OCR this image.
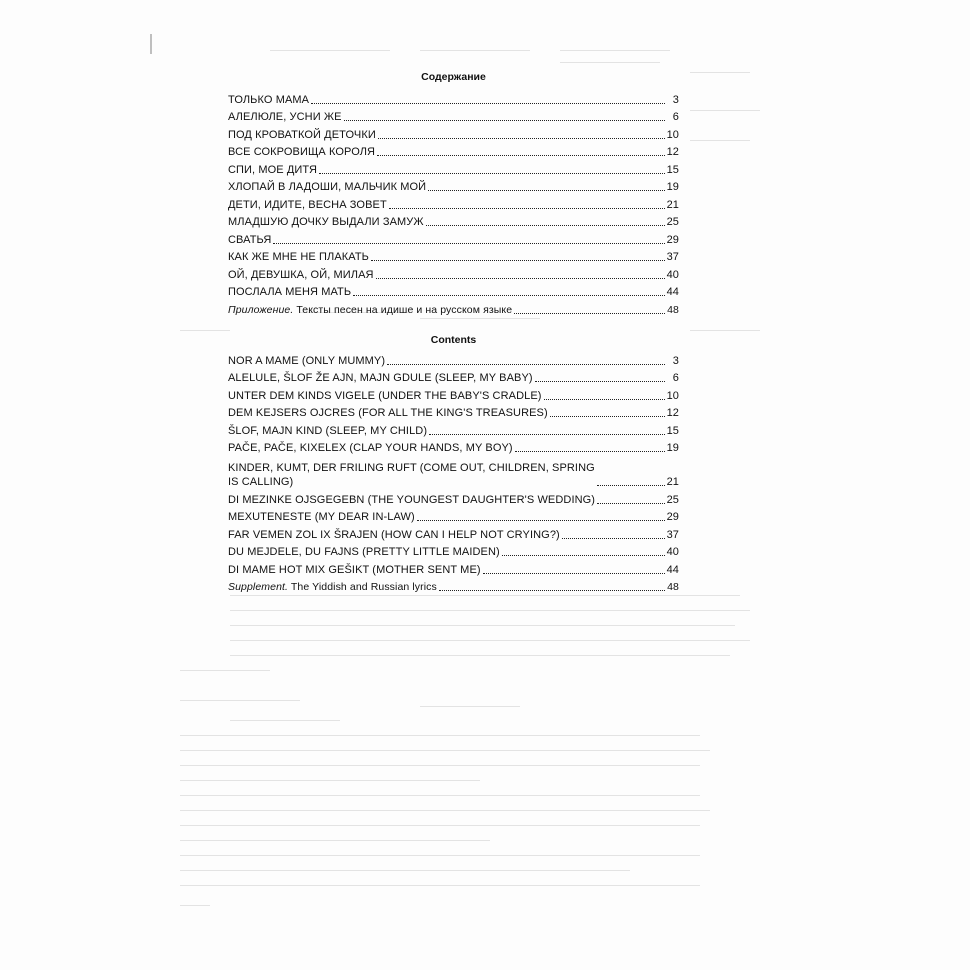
Содержание
ТОЛЬКО МАМА	3
АЛЕЛЮЛЕ, УСНИ ЖЕ	6
ПОД КРОВАТКОЙ ДЕТОЧКИ	10
ВСЕ СОКРОВИЩА КОРОЛЯ	12
СПИ, МОЕ ДИТЯ	15
ХЛОПАЙ В ЛАДОШИ, МАЛЬЧИК МОЙ	19
ДЕТИ, ИДИТЕ, ВЕСНА ЗОВЕТ	21
МЛАДШУЮ ДОЧКУ ВЫДАЛИ ЗАМУЖ	25
СВАТЬЯ	29
КАК ЖЕ МНЕ НЕ ПЛАКАТЬ	37
ОЙ, ДЕВУШКА, ОЙ, МИЛАЯ	40
ПОСЛАЛА МЕНЯ МАТЬ	44
Приложение. Тексты песен на идише и на русском языке	48
Contents
NOR A MAME (ONLY MUMMY)	3
ALELULE, ŠLOF ŽE AJN, MAJN GDULE (SLEEP, MY BABY)	6
UNTER DEM KINDS VIGELE (UNDER THE BABY'S CRADLE)	10
DEM KEJSERS OJCRES (FOR ALL THE KING'S TREASURES)	12
ŠLOF, MAJN KIND (SLEEP, MY CHILD)	15
PAČE, PAČE, KIXELEX (CLAP YOUR HANDS, MY BOY)	19
KINDER, KUMT, DER FRILING RUFT (COME OUT, CHILDREN, SPRING
IS CALLING)	21
DI MEZINKE OJSGEGEBN (THE YOUNGEST DAUGHTER'S WEDDING)	25
MEXUTENESTE (MY DEAR IN-LAW)	29
FAR VEMEN ZOL IX ŠRAJEN (HOW CAN I HELP NOT CRYING?)	37
DU MEJDELE, DU FAJNS (PRETTY LITTLE MAIDEN)	40
DI MAME HOT MIX GEŠIKT (MOTHER SENT ME)	44
Supplement. The Yiddish and Russian lyrics	48
